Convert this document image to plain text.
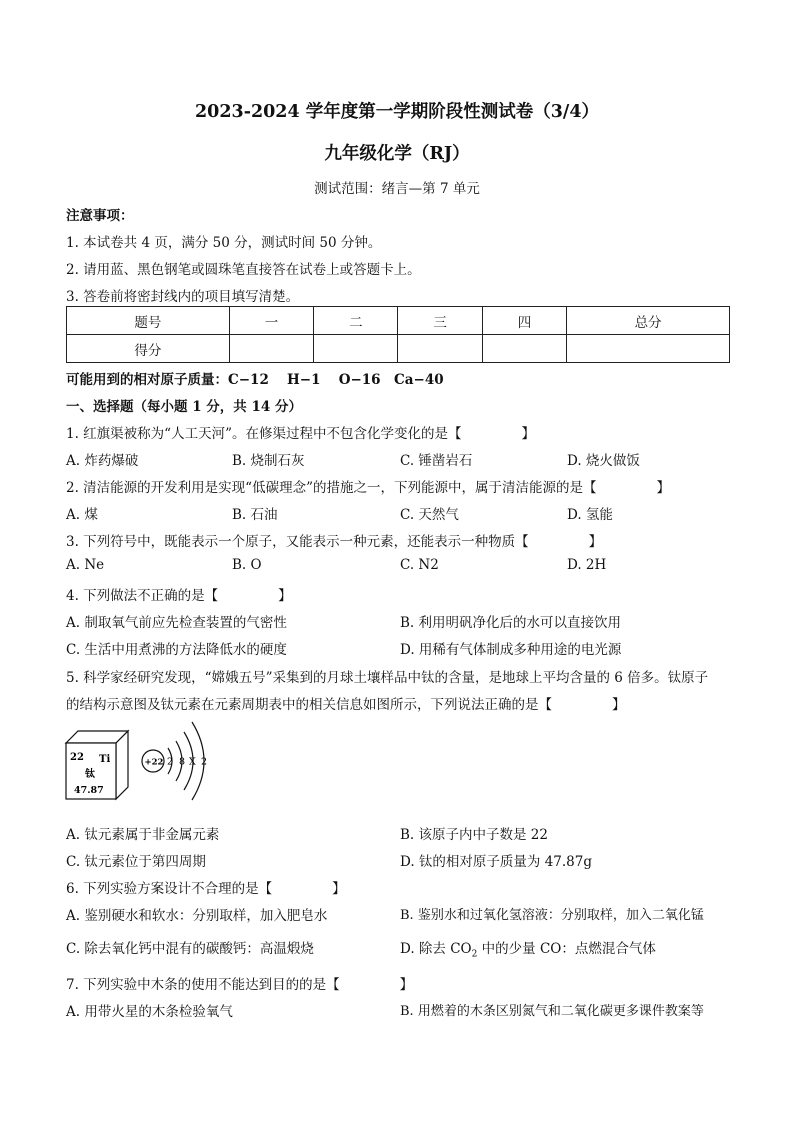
2023-2024 学年度第一学期阶段性测试卷（3/4）
九年级化学（RJ）
测试范围：绪言—第 7 单元
注意事项：
1. 本试卷共 4 页，满分 50 分，测试时间 50 分钟。
2. 请用蓝、黑色钢笔或圆珠笔直接答在试卷上或答题卡上。
3. 答卷前将密封线内的项目填写清楚。
题号	一	二	三	四	总分
得分					
可能用到的相对原子质量：C−12　 H−1　 O−16　Ca−40
一、选择题（每小题 1 分，共 14 分）
1. 红旗渠被称为“人工天河”。在修渠过程中不包含化学变化的是【	】
A. 炸药爆破	B. 烧制石灰	C. 锤凿岩石	D. 烧火做饭
2. 清洁能源的开发利用是实现“低碳理念”的措施之一，下列能源中，属于清洁能源的是【	】
A. 煤	B. 石油	C. 天然气	D. 氢能
3. 下列符号中，既能表示一个原子，又能表示一种元素，还能表示一种物质【	】
A. Ne	B. O	C. N2	D. 2H
4. 下列做法不正确的是【	】
A. 制取氧气前应先检查装置的气密性	B. 利用明矾净化后的水可以直接饮用
C. 生活中用煮沸的方法降低水的硬度	D. 用稀有气体制成多种用途的电光源
5. 科学家经研究发现，“嫦娥五号”采集到的月球土壤样品中钛的含量，是地球上平均含量的 6 倍多。钛原子
的结构示意图及钛元素在元素周期表中的相关信息如图所示，下列说法正确的是【	】
22 Ti
钛
47.87
+22 2 8 X 2
A. 钛元素属于非金属元素	B. 该原子内中子数是 22
C. 钛元素位于第四周期	D. 钛的相对原子质量为 47.87g
6. 下列实验方案设计不合理的是【	】
A. 鉴别硬水和软水：分别取样，加入肥皂水	B. 鉴别水和过氧化氢溶液：分别取样，加入二氧化锰
C. 除去氧化钙中混有的碳酸钙：高温煅烧	D. 除去 $CO_2$ 中的少量 CO：点燃混合气体
7. 下列实验中木条的使用不能达到目的的是【	】
A. 用带火星的木条检验氧气	B. 用燃着的木条区别氮气和二氧化碳更多课件教案等
